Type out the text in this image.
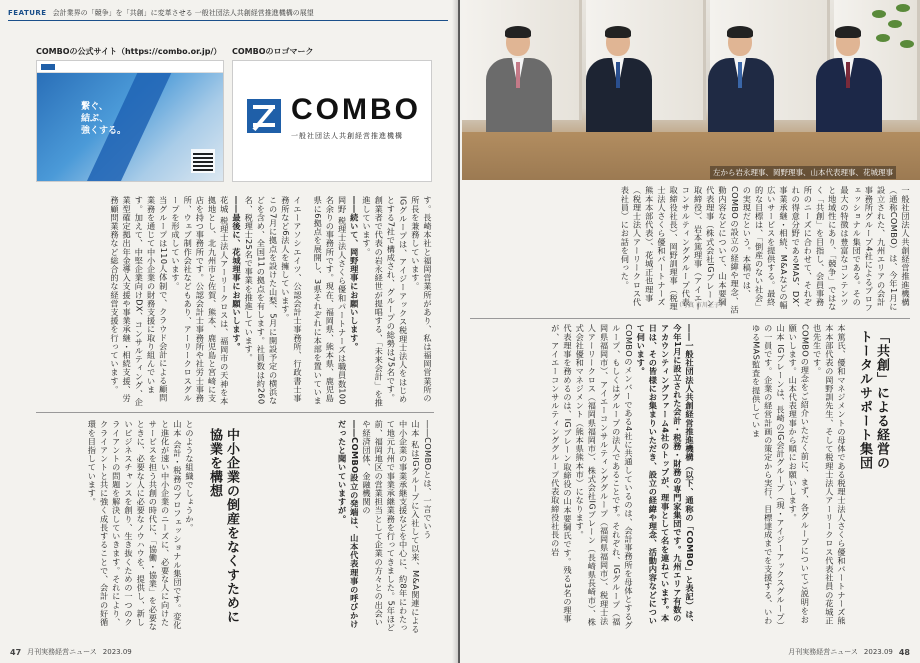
FEATURE 会計業界の「競争」を「共創」に変革させる 一般社団法人共創経営推進機構の展望
COMBOの公式サイト（https://combo.or.jp/） COMBOのロゴマーク
繋ぐ、
結ぶ、
強くする。
COMBO
一般社団法人共創経営推進機構

す。長崎本社と福岡営業所があり、私は福岡営業所の所長を兼務しています。

IGグループは、アイジーアックス税理士法人をはじめとする7社で構成され、グループの総勢は75名です。創業者で代表の岩永経世が提唱する、「未来会計」を推進しています。

――続いて、岡野理事にお願いします。

岡野 税理士法人さくら優和パートナーズは職員数100名余りの事務所です。現在、福岡県、熊本県、鹿児島県に6拠点を展開し、3県それぞれに本部を置いていま

イエーアソシエイツ、公認会計士事務所、行政書士事務所など6法人を擁しています。

この7月に拠点を設けた山梨、5月に開設予定の横浜などを含め、全国11の拠点を有します。社員数は約260名、税理士25名で事業を推進しています。

――最後に、花城理事にお願いします。

花城 税理士法人アーリークロスは、福岡市の天神を本拠地とし、北九州市と佐賀、熊本、鹿児島と宮崎に支店を持つ事務所です。公認会計士事務所や社労士事務所、ウェブ制作会社などもあり、アーリークロスグループを形成しています。

当グループは110人体制で、クラウド会計による顧問業務を通じて中小企業の財務支援に取り組んでいます。加えて、中堅企業向けDX、コンサルティング、企業型確定拠出年金導入支援や事業承継・相続支援、労務顧問業務など総合的な経営支援を行っています。

――COMBOとは、一言でいう

山本 私はIGグループに入社して以来、M&A関連による中小企業の事業承継支援などを中心に、約8年にわたって地元九州で事業承継業務を行ってきました。5年ほど前、福岡地区の営業担当として企業の方々との出会いや経済団体、金融機関の

――COMBO設立の発端は、山本代表理事の呼びかけだったと聞いていますが。

中小企業の倒産をなくすために協業を構想

とのような組織でしょうか。

山本 会計・税務のプロフェッショナル集団です。変化と進化が速い中小企業のニーズに、必要な人に向けたサービスを担う共創の時代に、「協働・協業」を必要なときに、必要な人に必要なノウハウを、提供し、新しいビジネスチャンスを創り、生き抜くための一つのクライアントの問題を解決していきます。それにより、クライアントと共に強く成長することで、会計の好循環を目指しています。

47 月刊実務経営ニュース 2023.09	月刊実務経営ニュース 2023.09 48
左から岩永理事、岡野理事、山本代表理事、花城理事

一般社団法人共創経営推進機構（通称COMBO）は、今年1月に設立された、九州エリアの会計事務所グループ4社によるプロフェッショナル集団である。その最大の特徴は豊富なコンテンツと地域性にあり、「競争」ではなく「共創」を目指し、会員事務所のニーズに合わせて、それぞれの得意分野であるMAS、DX、事業承継・相続、M&Aなどの幅広いサービスを提供する。最終的な目標は、「倒産のない社会」の実現だという。本稿では、COMBOの設立の経緯や理念、活動内容などについて、山本要綱代表理事（株式会社IGブレーン取締役）、岩本篤理事（アイエーコンサルティンググループ代表取締役社長）、岡野訓理事（税理士法人さくら優和パートナーズ熊本本部代表）、花城正也理事（税理士法人アーリークロス代表社員）にお話を伺った。

（写真 市川正子）

――一般社団法人共創経営推進機構（以下、通称の「COMBO」と表記）は、今年1月に設立された会計・税務・財務の専門家集団です。九州エリア有数のアカウンティングファーム4社のトップが、理事として名を連ねています。本日は、その皆様にお集まりいただき、設立の経緯や理念、活動内容などについて伺います。

COMBOのメンバーである4社に共通しているのは、会計事務所を母体とするグループ、もしくはグループの法人であることです。それぞれ、IGグループ（福岡県福岡市）、アイエーコンサルティンググループ（福岡県福岡市）、税理士法人アーリークロス（福岡県福岡市）、株式会社IGブレーン（長崎県長崎市）、株式会社優和マネジメント（熊本県熊本市）になります。

代表理事を務めるのは、IGブレーン取締役の山本要綱氏です。残る3名の理事が、アイエーコンサルティンググループ代表取締役社長の岩	「共創」による経営のトータルサポート集団

本篤氏、優和マネジメントの母体である税理士法人さくら優和パートナーズ熊本本部代表の岡野訓先生、そして税理士法人アーリークロス代表社員の花城正也先生です。

COMBOの理念をご紹介いただく前に、まず、各グループについてご説明をお願いします。山本代表理事から順にお願いします。

山本 IGブレーンは、長崎のIG会計グループ（現・アイジーアックスグループ）の一員です。企業の経営計画の策定から実行、目標達成までを支援する、いわゆるMAS監査を提供していま
